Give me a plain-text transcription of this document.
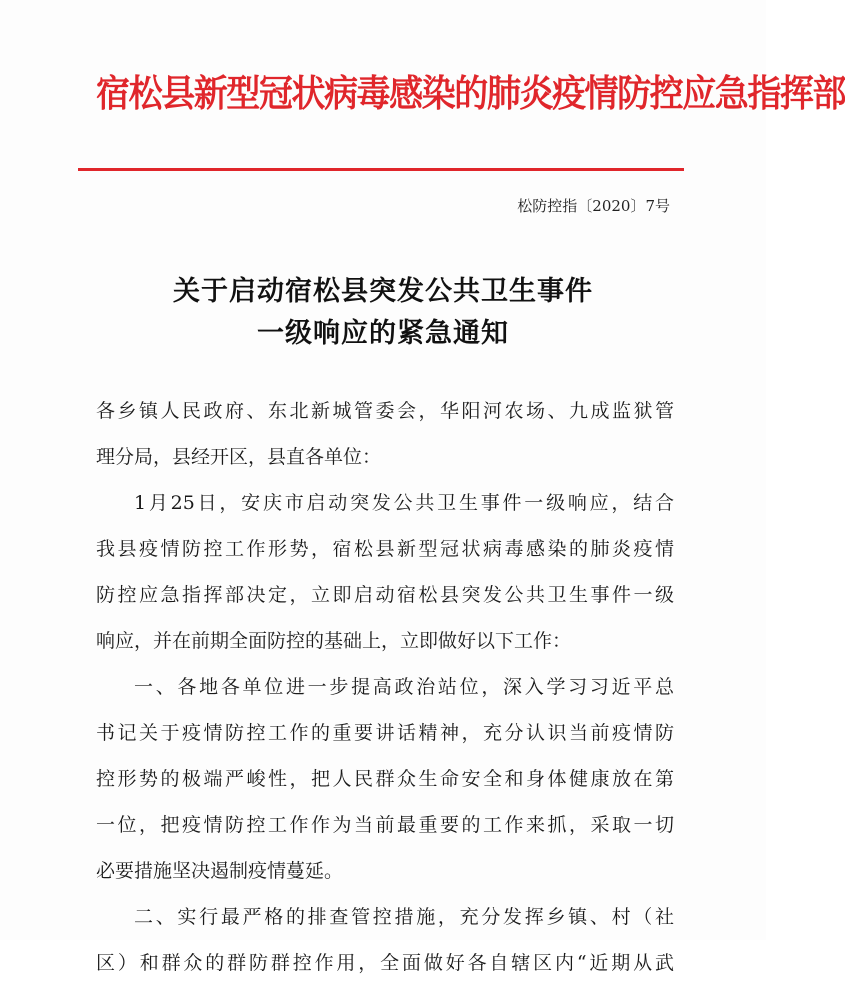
宿松县新型冠状病毒感染的肺炎疫情防控应急指挥部
松防控指〔2020〕7号
关于启动宿松县突发公共卫生事件
一级响应的紧急通知
各乡镇人民政府、东北新城管委会，华阳河农场、九成监狱管
理分局，县经开区，县直各单位：
1月25日，安庆市启动突发公共卫生事件一级响应，结合
我县疫情防控工作形势，宿松县新型冠状病毒感染的肺炎疫情
防控应急指挥部决定，立即启动宿松县突发公共卫生事件一级
响应，并在前期全面防控的基础上，立即做好以下工作：
一、各地各单位进一步提高政治站位，深入学习习近平总
书记关于疫情防控工作的重要讲话精神，充分认识当前疫情防
控形势的极端严峻性，把人民群众生命安全和身体健康放在第
一位，把疫情防控工作作为当前最重要的工作来抓，采取一切
必要措施坚决遏制疫情蔓延。
二、实行最严格的排查管控措施，充分发挥乡镇、村（社
区）和群众的群防群控作用，全面做好各自辖区内“近期从武
